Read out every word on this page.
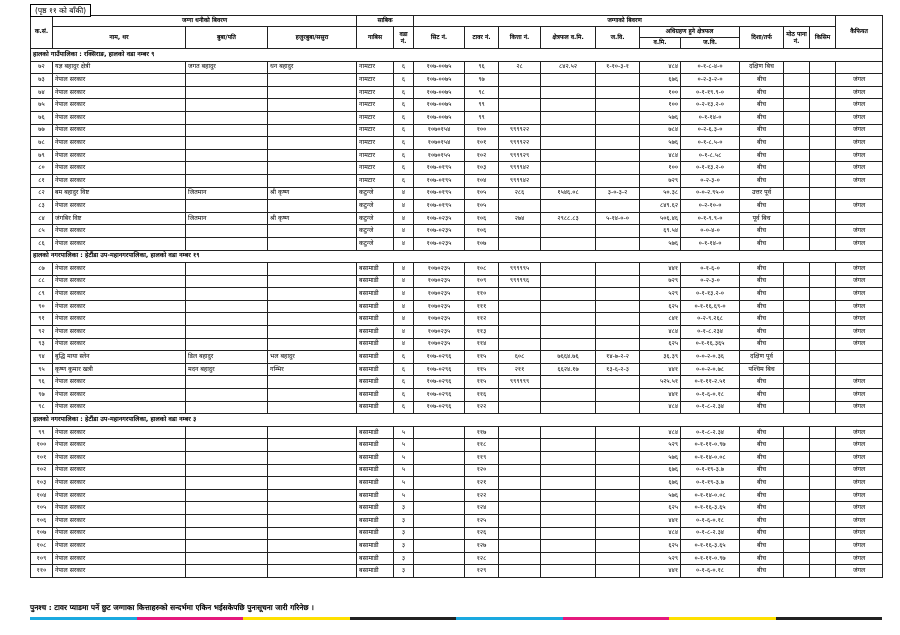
(पृष्ठ ११ को बाँकी)
क.सं.	जग्गा धनीको बिवरण			साबिक		जग्गाको बिवरण										कैफियत
	नाम, थर	बुबा/पति	हजुरबुबा/ससुरा	गाबिस	वडा नं.	सिट नं.	टावर नं.	कित्ता नं.	क्षेत्रफल व.मि.	ज.वि.	अधिग्रहण हुने क्षेत्रफल		दिशा/तर्फ	मोठ पाना नं.	किसिम	
											व.मि.	ज.वि.				
हालको गाउँपालिका : रक्सिराङ, हालको वडा नम्बर ९																
७२	यज्ञ बहादुर क्षेत्री	जगत बहादुर	धन बहादुर	नामटार	६	१०७-००७५	९६	२८	८४२.५२	१-१०-३-१	४८४	०-१-८-४-०	दक्षिण बिच			
७३	नेपाल सरकार			नामटार	६	१०७-००७५	९७				६७६	०-२-३-२-०	बीच			जंगल
७४	नेपाल सरकार			नामटार	६	१०७-००७५	९८				१००	०-१-१९.९-०	बीच			जंगल
७५	नेपाल सरकार			नामटार	६	१०७-००७५	९९				१००	०-२-१३.२-०	बीच			जंगल
७६	नेपाल सरकार			नामटार	६	१०७-००७५	९९				५७६	०-१-१४-०	बीच			जंगल
७७	नेपाल सरकार			नामटार	६	१०७०१५४	१००	९९९९२२			७८४	०-२-६.३-०	बीच			जंगल
७८	नेपाल सरकार			नामटार	६	१०७०१५४	१०१	९९९९२२			५७६	०-१-८.५-०	बीच			जंगल
७९	नेपाल सरकार			नामटार	६	१०७०१५५	१०२	९९९९२९			४८४	०-१-८.५८	बीच			जंगल
८०	नेपाल सरकार			नामटार	६	१०७-०१९५	१०३	९९९९४२			१००	०-१-१३.२-०	बीच			जंगल
८१	नेपाल सरकार			नामटार	६	१०७-०१९५	१०४	९९९९४२			७२९	०-२-३-०	बीच			जंगल
८२	बम बहादुर विष्ट	जितमान	श्री कृष्ण	कटुन्जे	४	१०७-०१९५	१०५	२८६	१५४६.०८	३-०-३-२	५०.३८	०-०-२.९५-०	उत्तर पूर्व			
८३	नेपाल सरकार			कटुन्जे	४	१०७-०१९५	१०५				८४९.६२	०-२-१०-०	बीच			जंगल
८४	जंगबिर विष्ट	जितमान	श्री कृष्ण	कटुन्जे	४	१०७-०२३५	१०६	२७४	२९८८.८३	५-१४-०-०	५०६.४६	०-१-९.९-०	पूर्व बिच			
८५	नेपाल सरकार			कटुन्जे	४	१०७-०२३५	१०६				६९.५४	०-०-४-०	बीच			जंगल
८६	नेपाल सरकार			कटुन्जे	४	१०७-०२३५	१०७				५७६	०-१-१४-०	बीच			जंगल
हालको नगरपालिका : हेटौंडा उप-महानगरपालिका, हालको वडा नम्बर १९																
८७	नेपाल सरकार			बसामाडी	४	१०७०२३५	१०८	९९९९९५			४४१	०-१-६-०	बीच			जंगल
८८	नेपाल सरकार			बसामाडी	४	१०७०२३५	१०९	९९९९९६			७२९	०-२-३-०	बीच			जंगल
८९	नेपाल सरकार			बसामाडी	४	१०७०२३५	११०				५२९	०-१-१३.२-०	बीच			जंगल
९०	नेपाल सरकार			बसामाडी	४	१०७०२३५	१११				६२५	०-१-१६.६९-०	बीच			जंगल
९१	नेपाल सरकार			बसामाडी	४	१०७०२३५	११२				८४१	०-२-९.२६८	बीच			जंगल
९२	नेपाल सरकार			बसामाडी	४	१०७०२३५	११३				४८४	०-१-८.२३४	बीच			जंगल
९३	नेपाल सरकार			बसामाडी	४	१०७०२३५	११४				६२५	०-१-१६.३६५	बीच			जंगल
९४	बुद्धि माया स्लेन	डिल बहादुर	भल बहादुर	बसामाडी	६	१०७-०२९६	११५	६०८	७६६४.७६	१४-७-२-२	३६.३९	०-०-२-०.३६	दक्षिण पूर्व			
९५	कृष्ण कुमार खत्री	मदन बहादुर	गम्भिर	बसामाडी	६	१०७-०२९६	११५	२११	६६२४.१७	१३-६-२-३	४४१	०-०-२-०.७८	पश्चिम बिच			
९६	नेपाल सरकार			बसामाडी	६	१०७-०२९६	११५	९९९९९९			५२५.५१	०-१-११-२.५१	बीच			जंगल
९७	नेपाल सरकार			बसामाडी	६	१०७-०२९६	११६				४४१	०-१-६-०.१८	बीच			जंगल
९८	नेपाल सरकार			बसामाडी	६	१०७-०२९६	१२२				४८४	०-१-८-२.३४	बीच			जंगल
हालको नगरपालिका : हेटौंडा उप-महानगरपालिका, हालको वडा नम्बर ३																
९९	नेपाल सरकार			बसामाडी	५		११७				४८४	०-१-८-२.३४	बीच			जंगल
१००	नेपाल सरकार			बसामाडी	५		११८				५२९	०-१-११-०.९७	बीच			जंगल
१०१	नेपाल सरकार			बसामाडी	५		११९				५७६	०-१-१४-०.०८	बीच			जंगल
१०२	नेपाल सरकार			बसामाडी	५		१२०				६७६	०-१-१९-३.७	बीच			जंगल
१०३	नेपाल सरकार			बसामाडी	५		१२१				६७६	०-१-१९-३.७	बीच			जंगल
१०४	नेपाल सरकार			बसामाडी	५		१२२				५७६	०-१-१४-०.०८	बीच			जंगल
१०५	नेपाल सरकार			बसामाडी	३		१२४				६२५	०-१-१६-३.६५	बीच			जंगल
१०६	नेपाल सरकार			बसामाडी	३		१२५				४४१	०-१-६-०.१८	बीच			जंगल
१०७	नेपाल सरकार			बसामाडी	३		१२६				४८४	०-१-८-२.३४	बीच			जंगल
१०८	नेपाल सरकार			बसामाडी	३		१२७				६२५	०-१-१६-३.६५	बीच			जंगल
१०९	नेपाल सरकार			बसामाडी	३		१२८				५२९	०-१-११-०.९७	बीच			जंगल
११०	नेपाल सरकार			बसामाडी	३		१२९				४४१	०-१-६-०.१८	बीच			जंगल
पुनश्च : टावर प्याडमा पर्ने छुट जग्गाका कित्ताहरुको सन्दर्भमा एकिन भईसकेपछि पुनःसूचना जारी गरिनेछ ।
